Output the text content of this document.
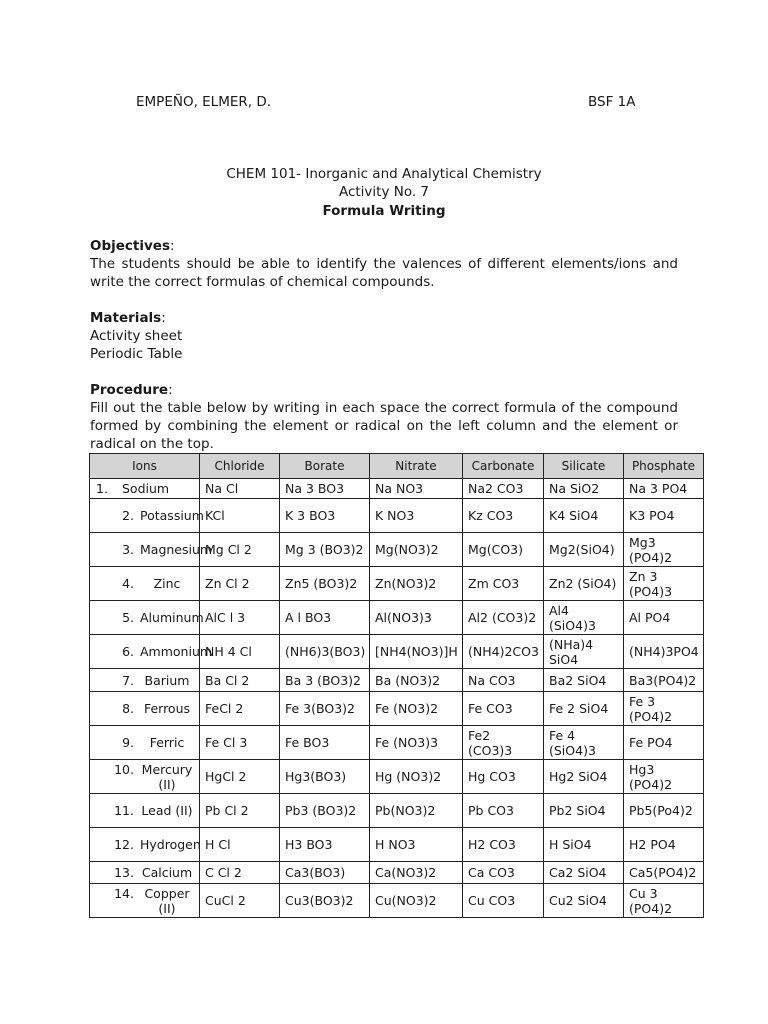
EMPEÑO, ELMER, D.	BSF 1A
CHEM 101- Inorganic and Analytical Chemistry
Activity No. 7
Formula Writing
Objectives:
The students should be able to identify the valences of different elements/ions and write the correct formulas of chemical compounds.
Materials:
Activity sheet
Periodic Table
Procedure:
Fill out the table below by writing in each space the correct formula of the compound formed by combining the element or radical on the left column and the element or radical on the top.
Ions	Chloride	Borate	Nitrate	Carbonate	Silicate	Phosphate

1. Sodium	Na Cl	Na 3 BO3	Na NO3	Na2 CO3	Na SiO2	Na 3 PO4

2. Potassium	KCl	K 3 BO3	K NO3	Kz CO3	K4 SiO4	K3 PO4

3. Magnesium	Mg Cl 2	Mg 3 (BO3)2	Mg(NO3)2	Mg(CO3)	Mg2(SiO4)	Mg3 (PO4)2

4. Zinc	Zn Cl 2	Zn5 (BO3)2	Zn(NO3)2	Zm CO3	Zn2 (SiO4)	Zn 3 (PO4)3

5. Aluminum	AlC l 3	A l BO3	Al(NO3)3	Al2 (CO3)2	Al4 (SiO4)3	Al PO4

6. Ammonium	NH 4 Cl	(NH6)3(BO3)	[NH4(NO3)]H	(NH4)2CO3	(NHa)4 SiO4	(NH4)3PO4

7. Barium	Ba Cl 2	Ba 3 (BO3)2	Ba (NO3)2	Na CO3	Ba2 SiO4	Ba3(PO4)2

8. Ferrous	FeCl 2	Fe 3(BO3)2	Fe (NO3)2	Fe CO3	Fe 2 SiO4	Fe 3 (PO4)2

9. Ferric	Fe Cl 3	Fe BO3	Fe (NO3)3	Fe2 (CO3)3	Fe 4 (SiO4)3	Fe PO4

10. Mercury (II)	HgCl 2	Hg3(BO3)	Hg (NO3)2	Hg CO3	Hg2 SiO4	Hg3 (PO4)2

11. Lead (II)	Pb Cl 2	Pb3 (BO3)2	Pb(NO3)2	Pb CO3	Pb2 SiO4	Pb5(Po4)2

12. Hydrogen	H Cl	H3 BO3	H NO3	H2 CO3	H SiO4	H2 PO4

13. Calcium	C Cl 2	Ca3(BO3)	Ca(NO3)2	Ca CO3	Ca2 SiO4	Ca5(PO4)2

14. Copper (II)	CuCl 2	Cu3(BO3)2	Cu(NO3)2	Cu CO3	Cu2 SiO4	Cu 3 (PO4)2
